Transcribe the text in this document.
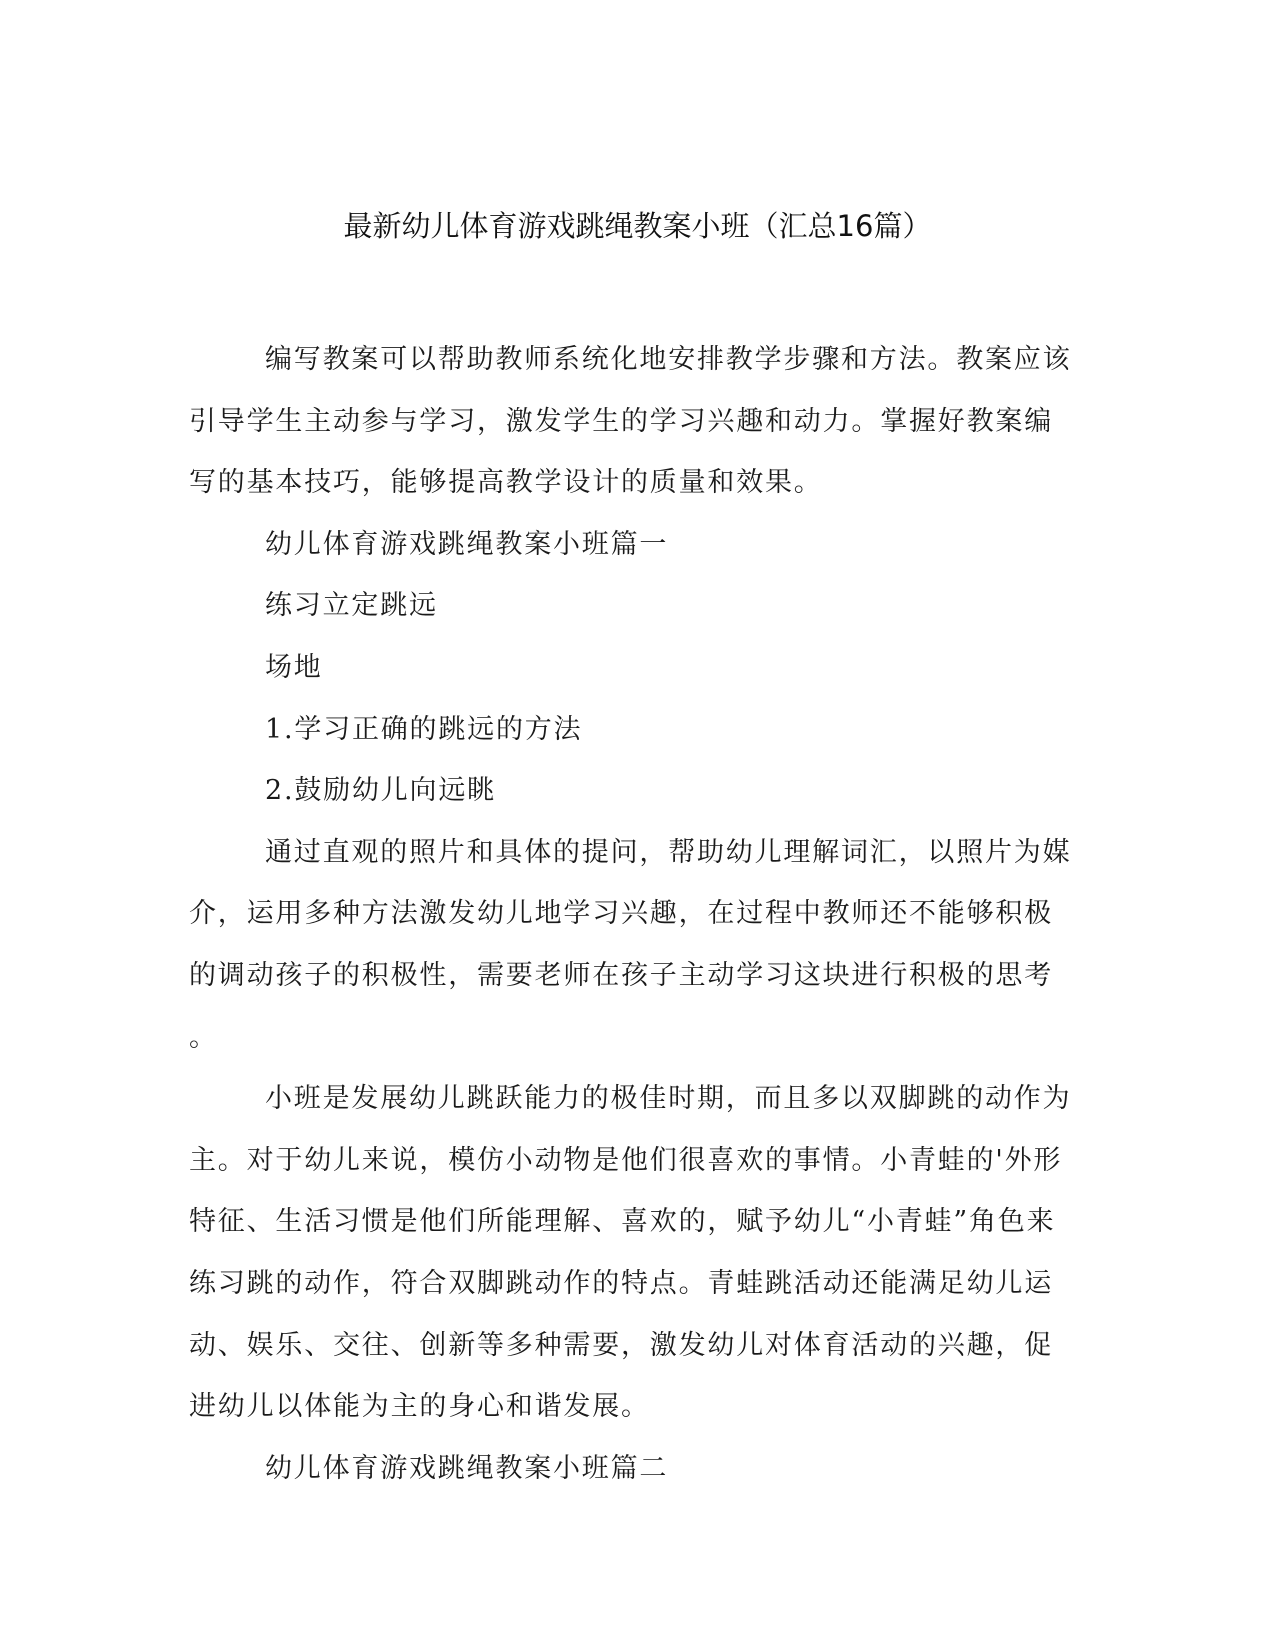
最新幼儿体育游戏跳绳教案小班（汇总16篇）

编写教案可以帮助教师系统化地安排教学步骤和方法。教案应该引导学生主动参与学习，激发学生的学习兴趣和动力。掌握好教案编写的基本技巧，能够提高教学设计的质量和效果。

幼儿体育游戏跳绳教案小班篇一

练习立定跳远

场地

1.学习正确的跳远的方法

2.鼓励幼儿向远眺

通过直观的照片和具体的提问，帮助幼儿理解词汇，以照片为媒介，运用多种方法激发幼儿地学习兴趣，在过程中教师还不能够积极的调动孩子的积极性，需要老师在孩子主动学习这块进行积极的思考

。

小班是发展幼儿跳跃能力的极佳时期，而且多以双脚跳的动作为主。对于幼儿来说，模仿小动物是他们很喜欢的事情。小青蛙的'外形特征、生活习惯是他们所能理解、喜欢的，赋予幼儿“小青蛙”角色来练习跳的动作，符合双脚跳动作的特点。青蛙跳活动还能满足幼儿运动、娱乐、交往、创新等多种需要，激发幼儿对体育活动的兴趣，促进幼儿以体能为主的身心和谐发展。

幼儿体育游戏跳绳教案小班篇二
